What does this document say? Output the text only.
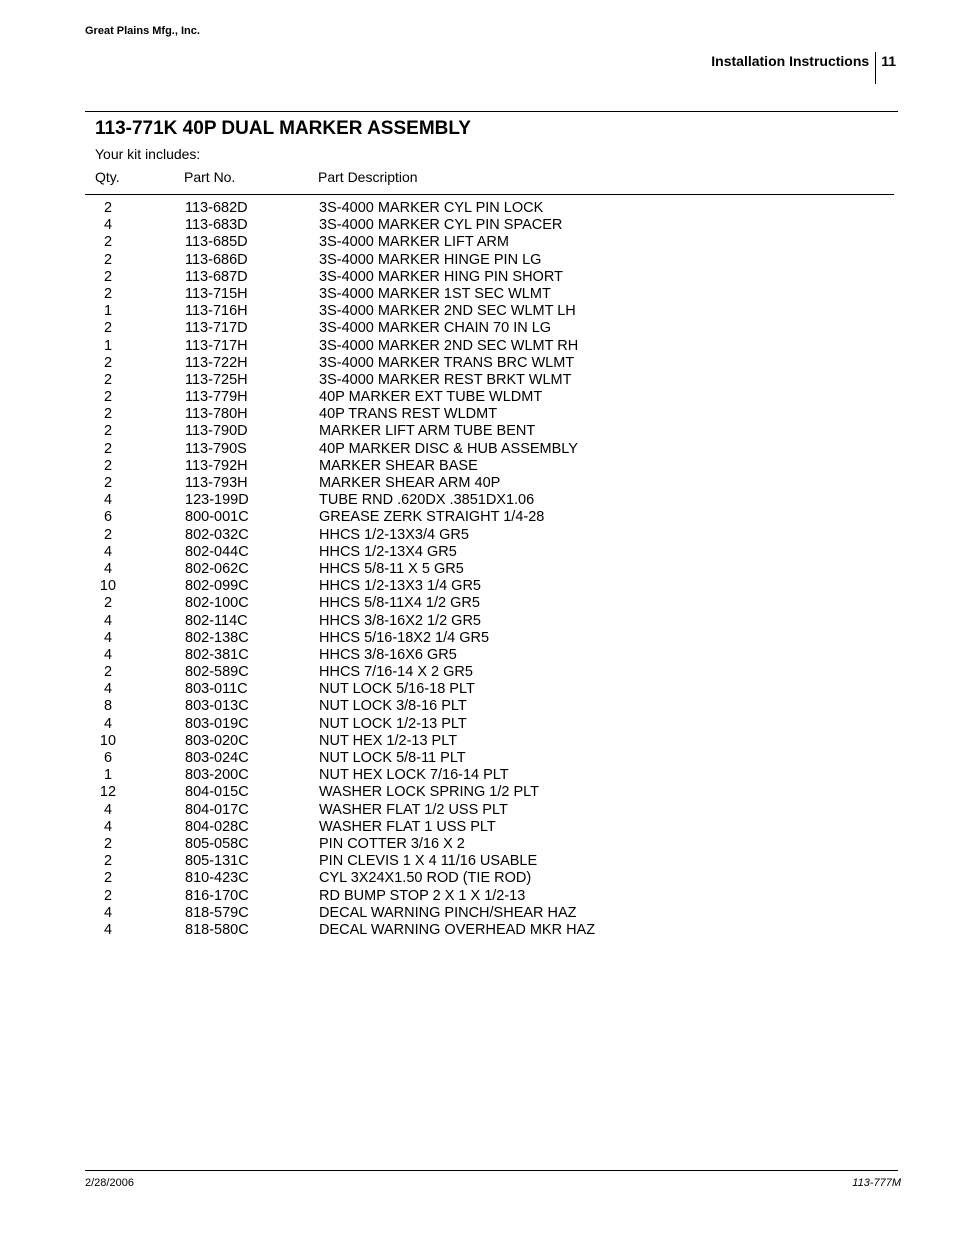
Great Plains Mfg., Inc.
Installation Instructions 11
113-771K 40P DUAL MARKER ASSEMBLY
Your kit includes:
Qty.	Part No.	Part Description
2	113-682D	3S-4000 MARKER CYL PIN LOCK
4	113-683D	3S-4000 MARKER CYL PIN SPACER
2	113-685D	3S-4000 MARKER LIFT ARM
2	113-686D	3S-4000 MARKER HINGE PIN LG
2	113-687D	3S-4000 MARKER HING PIN SHORT
2	113-715H	3S-4000 MARKER 1ST SEC WLMT
1	113-716H	3S-4000 MARKER 2ND SEC WLMT LH
2	113-717D	3S-4000 MARKER CHAIN 70 IN LG
1	113-717H	3S-4000 MARKER 2ND SEC WLMT RH
2	113-722H	3S-4000 MARKER TRANS BRC WLMT
2	113-725H	3S-4000 MARKER REST BRKT WLMT
2	113-779H	40P MARKER EXT TUBE WLDMT
2	113-780H	40P TRANS REST WLDMT
2	113-790D	MARKER LIFT ARM TUBE BENT
2	113-790S	40P MARKER DISC & HUB ASSEMBLY
2	113-792H	MARKER SHEAR BASE
2	113-793H	MARKER SHEAR ARM 40P
4	123-199D	TUBE RND .620DX .3851DX1.06
6	800-001C	GREASE ZERK STRAIGHT 1/4-28
2	802-032C	HHCS 1/2-13X3/4 GR5
4	802-044C	HHCS 1/2-13X4 GR5
4	802-062C	HHCS 5/8-11 X 5 GR5
10	802-099C	HHCS 1/2-13X3 1/4 GR5
2	802-100C	HHCS 5/8-11X4 1/2 GR5
4	802-114C	HHCS 3/8-16X2 1/2 GR5
4	802-138C	HHCS 5/16-18X2 1/4 GR5
4	802-381C	HHCS 3/8-16X6 GR5
2	802-589C	HHCS 7/16-14 X 2 GR5
4	803-011C	NUT LOCK 5/16-18 PLT
8	803-013C	NUT LOCK 3/8-16 PLT
4	803-019C	NUT LOCK 1/2-13 PLT
10	803-020C	NUT HEX 1/2-13 PLT
6	803-024C	NUT LOCK 5/8-11 PLT
1	803-200C	NUT HEX LOCK 7/16-14 PLT
12	804-015C	WASHER LOCK SPRING 1/2 PLT
4	804-017C	WASHER FLAT 1/2 USS PLT
4	804-028C	WASHER FLAT 1 USS PLT
2	805-058C	PIN COTTER 3/16 X 2
2	805-131C	PIN CLEVIS 1 X 4 11/16 USABLE
2	810-423C	CYL 3X24X1.50 ROD (TIE ROD)
2	816-170C	RD BUMP STOP 2 X 1 X 1/2-13
4	818-579C	DECAL WARNING PINCH/SHEAR HAZ
4	818-580C	DECAL WARNING OVERHEAD MKR HAZ
2/28/2006	113-777M
